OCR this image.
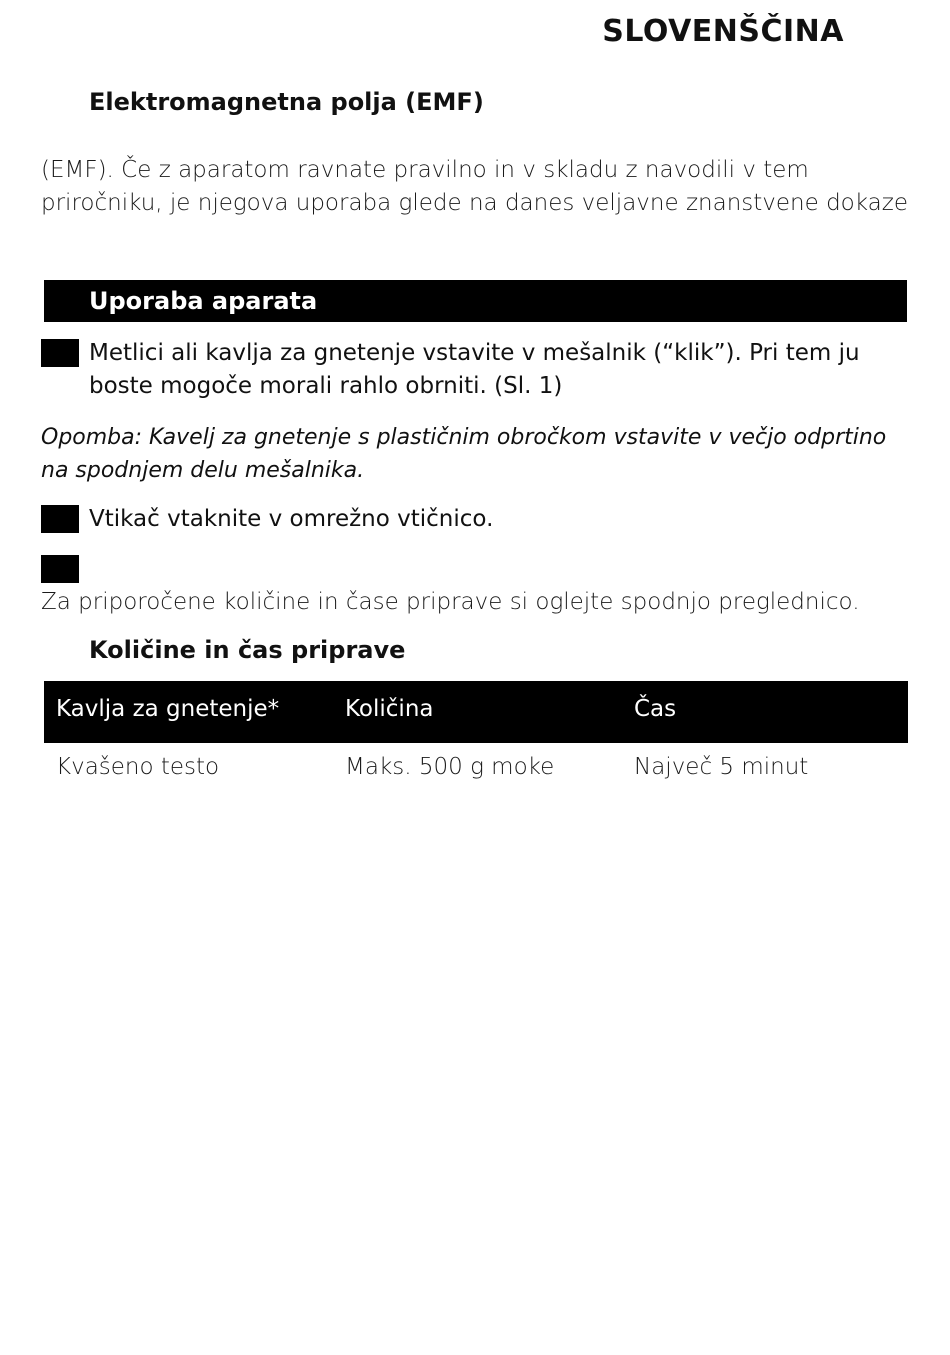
SLOVENŠČINA
Elektromagnetna polja (EMF)
(EMF). Če z aparatom ravnate pravilno in v skladu z navodili v tem priročniku, je njegova uporaba glede na danes veljavne znanstvene dokaze
Uporaba aparata
Metlici ali kavlja za gnetenje vstavite v mešalnik (“klik”). Pri tem ju boste mogoče morali rahlo obrniti. (Sl. 1)
Opomba: Kavelj za gnetenje s plastičnim obročkom vstavite v večjo odprtino na spodnjem delu mešalnika.
Vtikač vtaknite v omrežno vtičnico.
Za priporočene količine in čase priprave si oglejte spodnjo preglednico.
Količine in čas priprave
Kavlja za gnetenje*	Količina	Čas
Kvašeno testo	Maks. 500 g moke	Največ 5 minut
